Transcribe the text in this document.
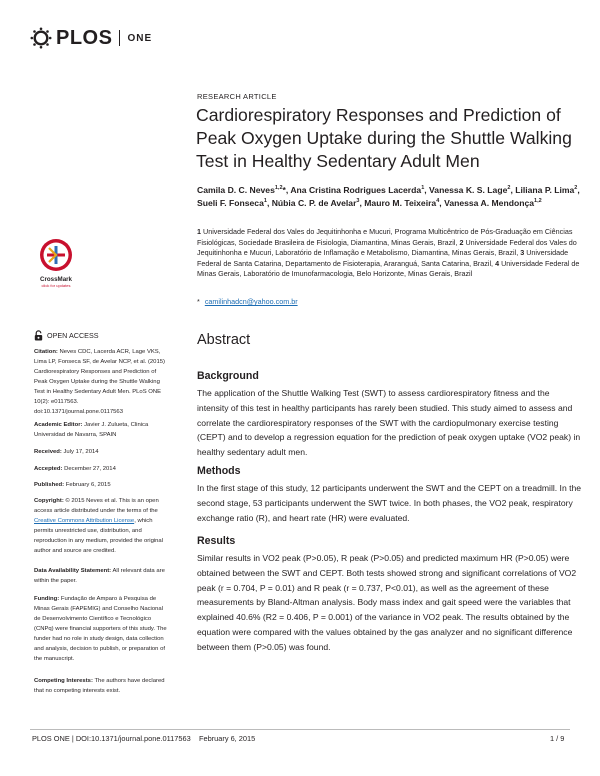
PLOS ONE
RESEARCH ARTICLE
Cardiorespiratory Responses and Prediction of Peak Oxygen Uptake during the Shuttle Walking Test in Healthy Sedentary Adult Men
Camila D. C. Neves$^{1,2}$*, Ana Cristina Rodrigues Lacerda$^1$, Vanessa K. S. Lage$^2$, Liliana P. Lima$^2$, Sueli F. Fonseca$^1$, Núbia C. P. de Avelar$^3$, Mauro M. Teixeira$^4$, Vanessa A. Mendonça$^{1,2}$
1 Universidade Federal dos Vales do Jequitinhonha e Mucuri, Programa Multicêntrico de Pós-Graduação em Ciências Fisiológicas, Sociedade Brasileira de Fisiologia, Diamantina, Minas Gerais, Brazil, 2 Universidade Federal dos Vales do Jequitinhonha e Mucuri, Laboratório de Inflamação e Metabolismo, Diamantina, Minas Gerais, Brazil, 3 Universidade Federal de Santa Catarina, Departamento de Fisioterapia, Araranguá, Santa Catarina, Brazil, 4 Universidade Federal de Minas Gerais, Laboratório de Imunofarmacologia, Belo Horizonte, Minas Gerais, Brazil
* camilinhadcn@yahoo.com.br
Abstract
Background
The application of the Shuttle Walking Test (SWT) to assess cardiorespiratory fitness and the intensity of this test in healthy participants has rarely been studied. This study aimed to assess and correlate the cardiorespiratory responses of the SWT with the cardiopulmonary exercise testing (CEPT) and to develop a regression equation for the prediction of peak oxygen uptake (VO2 peak) in healthy sedentary adult men.
Methods
In the first stage of this study, 12 participants underwent the SWT and the CEPT on a treadmill. In the second stage, 53 participants underwent the SWT twice. In both phases, the VO2 peak, respiratory exchange ratio (R), and heart rate (HR) were evaluated.
Results
Similar results in VO2 peak (P>0.05), R peak (P>0.05) and predicted maximum HR (P>0.05) were obtained between the SWT and CEPT. Both tests showed strong and significant correlations of VO2 peak (r = 0.704, P = 0.01) and R peak (r = 0.737, P<0.01), as well as the agreement of these measurements by Bland-Altman analysis. Body mass index and gait speed were the variables that explained 40.6% (R2 = 0.406, P = 0.001) of the variance in VO2 peak. The results obtained by the equation were compared with the values obtained by the gas analyzer and no significant difference between them (P>0.05) was found.
CrossMark
click for updates
OPEN ACCESS
Citation: Neves CDC, Lacerda ACR, Lage VKS, Lima LP, Fonseca SF, de Avelar NCP, et al. (2015) Cardiorespiratory Responses and Prediction of Peak Oxygen Uptake during the Shuttle Walking Test in Healthy Sedentary Adult Men. PLoS ONE 10(2): e0117563. doi:10.1371/journal.pone.0117563
Academic Editor: Javier J. Zulueta, Clinica Universidad de Navarra, SPAIN
Received: July 17, 2014
Accepted: December 27, 2014
Published: February 6, 2015
Copyright: © 2015 Neves et al. This is an open access article distributed under the terms of the Creative Commons Attribution License, which permits unrestricted use, distribution, and reproduction in any medium, provided the original author and source are credited.
Data Availability Statement: All relevant data are within the paper.
Funding: Fundação de Amparo à Pesquisa de Minas Gerais (FAPEMIG) and Conselho Nacional de Desenvolvimento Científico e Tecnológico (CNPq) were financial supporters of this study. The funder had no role in study design, data collection and analysis, decision to publish, or preparation of the manuscript.
Competing Interests: The authors have declared that no competing interests exist.
PLOS ONE | DOI:10.1371/journal.pone.0117563    February 6, 2015	1 / 9
